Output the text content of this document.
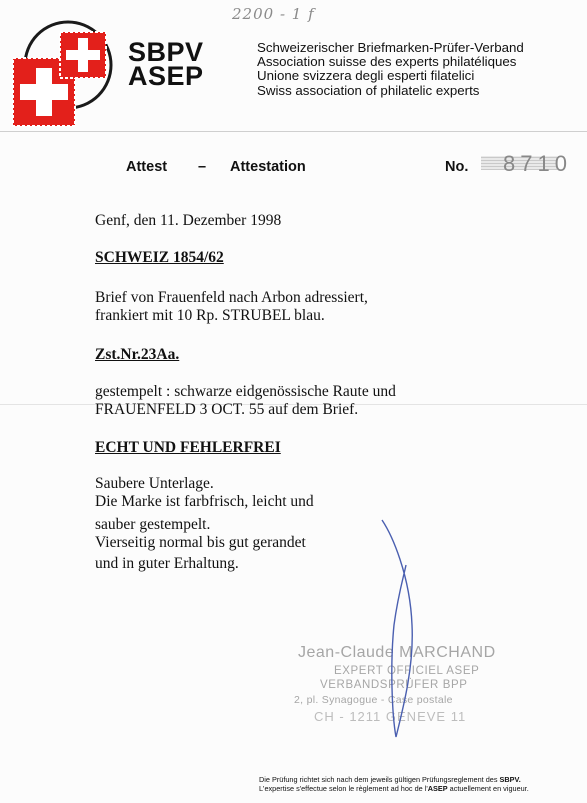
2200 - 1 f
SBPV
ASEP
Schweizerischer Briefmarken-Prüfer-Verband
Association suisse des experts philatéliques
Unione svizzera degli esperti filatelici
Swiss association of philatelic experts
Attest – Attestation	No. 8710
Genf, den 11. Dezember 1998
SCHWEIZ 1854/62
Brief von Frauenfeld nach Arbon adressiert,
frankiert mit 10 Rp. STRUBEL blau.
Zst.Nr.23Aa.
gestempelt : schwarze eidgenössische Raute und
FRAUENFELD 3 OCT. 55 auf dem Brief.
ECHT UND FEHLERFREI
Saubere Unterlage.
Die Marke ist farbfrisch, leicht und
sauber gestempelt.
Vierseitig normal bis gut gerandet
und in guter Erhaltung.
Jean-Claude MARCHAND
EXPERT OFFICIEL ASEP
VERBANDSPRÜFER BPP
2, pl. Synagogue - Case postale
CH - 1211 GENEVE 11
Die Prüfung richtet sich nach dem jeweils gültigen Prüfungsreglement des SBPV.
L'expertise s'effectue selon le règlement ad hoc de l'ASEP actuellement en vigueur.
